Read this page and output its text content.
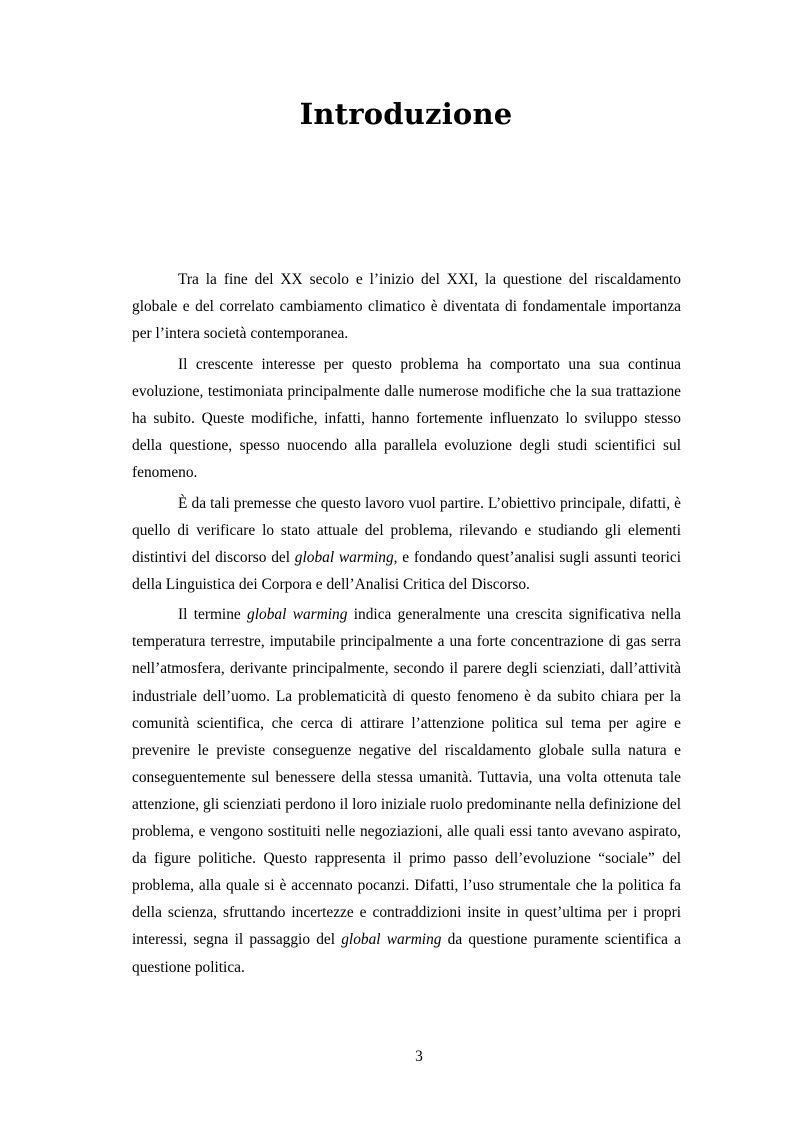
Introduzione

Tra la fine del XX secolo e l’inizio del XXI, la questione del riscaldamento globale e del correlato cambiamento climatico è diventata di fondamentale importanza per l’intera società contemporanea.

Il crescente interesse per questo problema ha comportato una sua continua evoluzione, testimoniata principalmente dalle numerose modifiche che la sua trattazione ha subito. Queste modifiche, infatti, hanno fortemente influenzato lo sviluppo stesso della questione, spesso nuocendo alla parallela evoluzione degli studi scientifici sul fenomeno.

È da tali premesse che questo lavoro vuol partire. L’obiettivo principale, difatti, è quello di verificare lo stato attuale del problema, rilevando e studiando gli elementi distintivi del discorso del global warming, e fondando quest’analisi sugli assunti teorici della Linguistica dei Corpora e dell’Analisi Critica del Discorso.

Il termine global warming indica generalmente una crescita significativa nella temperatura terrestre, imputabile principalmente a una forte concentrazione di gas serra nell’atmosfera, derivante principalmente, secondo il parere degli scienziati, dall’attività industriale dell’uomo. La problematicità di questo fenomeno è da subito chiara per la comunità scientifica, che cerca di attirare l’attenzione politica sul tema per agire e prevenire le previste conseguenze negative del riscaldamento globale sulla natura e conseguentemente sul benessere della stessa umanità. Tuttavia, una volta ottenuta tale attenzione, gli scienziati perdono il loro iniziale ruolo predominante nella definizione del problema, e vengono sostituiti nelle negoziazioni, alle quali essi tanto avevano aspirato, da figure politiche. Questo rappresenta il primo passo dell’evoluzione “sociale” del problema, alla quale si è accennato pocanzi. Difatti, l’uso strumentale che la politica fa della scienza, sfruttando incertezze e contraddizioni insite in quest’ultima per i propri interessi, segna il passaggio del global warming da questione puramente scientifica a questione politica.

3
